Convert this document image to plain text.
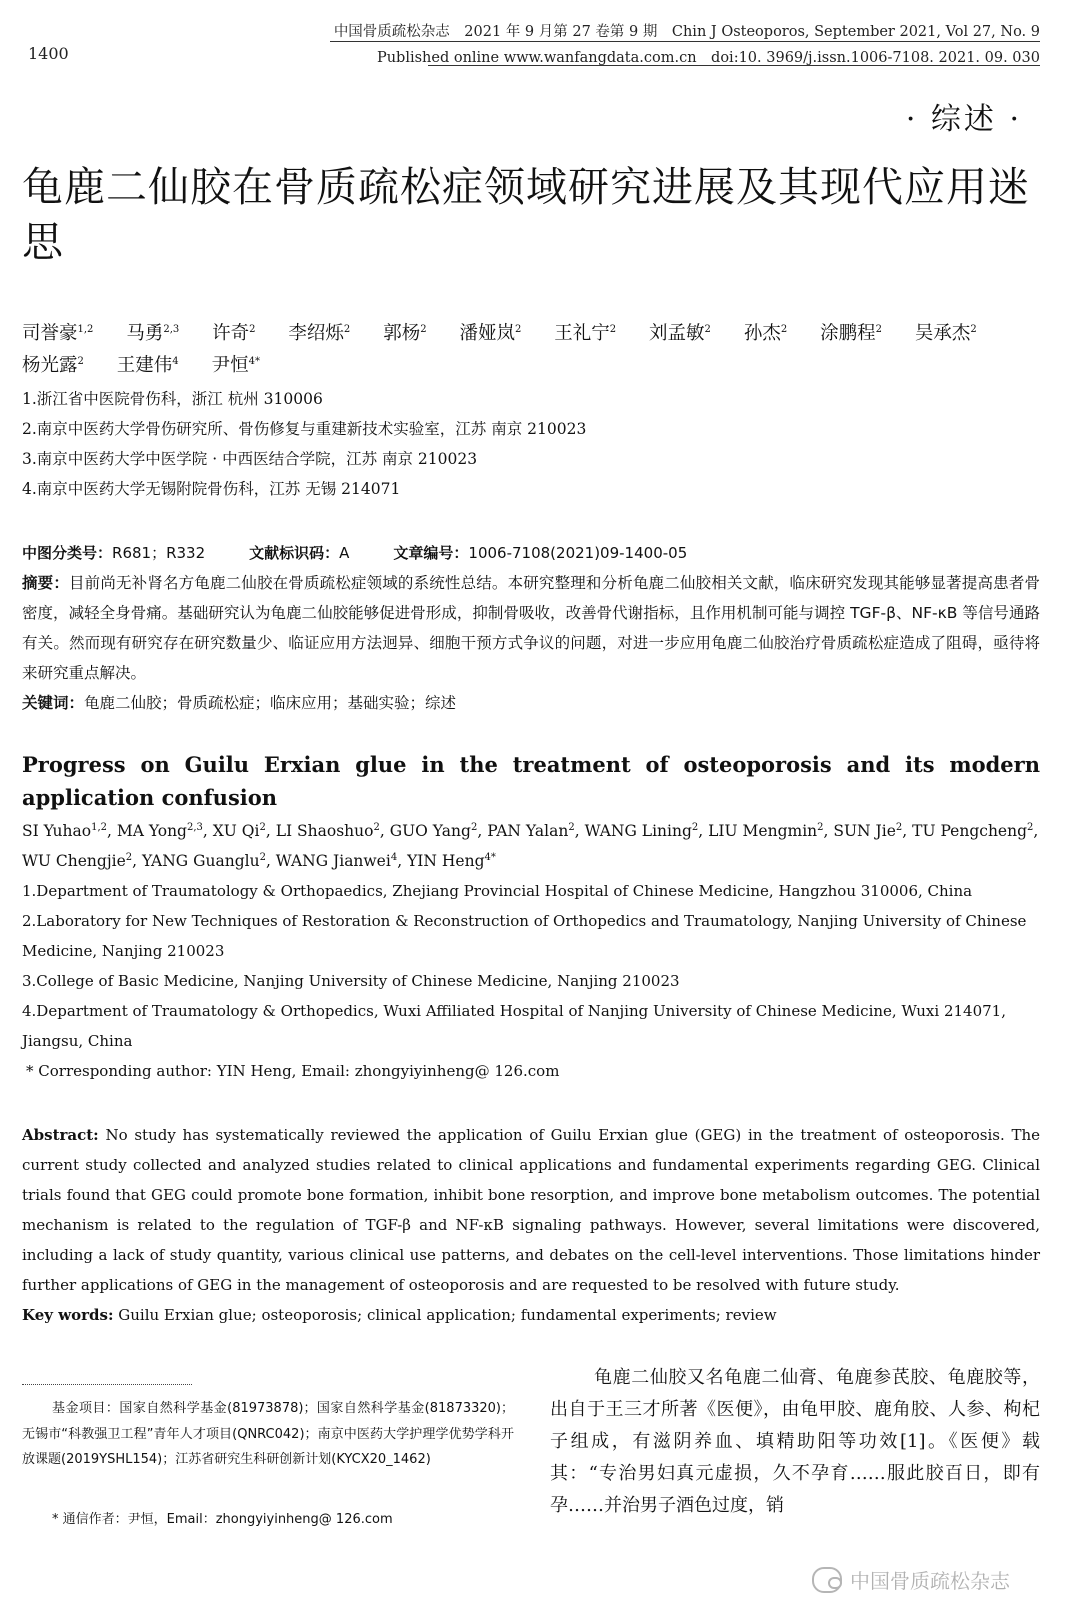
1400
中国骨质疏松杂志　2021 年 9 月第 27 卷第 9 期　Chin J Osteoporos, September 2021, Vol 27, No. 9
Published online www.wanfangdata.com.cn　doi:10. 3969/j.issn.1006-7108. 2021. 09. 030
· 综述 ·
龟鹿二仙胶在骨质疏松症领域研究进展及其现代应用迷思
司誉豪$^{1,2}$ 马勇$^{2,3}$ 许奇$^2$ 李绍烁$^2$ 郭杨$^2$ 潘娅岚$^2$ 王礼宁$^2$ 刘孟敏$^2$ 孙杰$^2$ 涂鹏程$^2$ 吴承杰$^2$ 杨光露$^2$ 王建伟$^4$ 尹恒$^{4*}$
1.浙江省中医院骨伤科，浙江 杭州 310006
2.南京中医药大学骨伤研究所、骨伤修复与重建新技术实验室，江苏 南京 210023
3.南京中医药大学中医学院 · 中西医结合学院，江苏 南京 210023
4.南京中医药大学无锡附院骨伤科，江苏 无锡 214071
中图分类号：R681；R332	文献标识码：A	文章编号：1006-7108(2021)09-1400-05
摘要：目前尚无补肾名方龟鹿二仙胶在骨质疏松症领域的系统性总结。本研究整理和分析龟鹿二仙胶相关文献，临床研究发现其能够显著提高患者骨密度，减轻全身骨痛。基础研究认为龟鹿二仙胶能够促进骨形成，抑制骨吸收，改善骨代谢指标，且作用机制可能与调控 TGF-β、NF-κB 等信号通路有关。然而现有研究存在研究数量少、临证应用方法迥异、细胞干预方式争议的问题，对进一步应用龟鹿二仙胶治疗骨质疏松症造成了阻碍，亟待将来研究重点解决。
关键词：龟鹿二仙胶；骨质疏松症；临床应用；基础实验；综述
Progress on Guilu Erxian glue in the treatment of osteoporosis and its modern application confusion
SI Yuhao$^{1,2}$, MA Yong$^{2,3}$, XU Qi$^2$, LI Shaoshuo$^2$, GUO Yang$^2$, PAN Yalan$^2$, WANG Lining$^2$, LIU Mengmin$^2$, SUN Jie$^2$, TU Pengcheng$^2$, WU Chengjie$^2$, YANG Guanglu$^2$, WANG Jianwei$^4$, YIN Heng$^{4*}$
1.Department of Traumatology & Orthopaedics, Zhejiang Provincial Hospital of Chinese Medicine, Hangzhou 310006, China
2.Laboratory for New Techniques of Restoration & Reconstruction of Orthopedics and Traumatology, Nanjing University of Chinese Medicine, Nanjing 210023
3.College of Basic Medicine, Nanjing University of Chinese Medicine, Nanjing 210023
4.Department of Traumatology & Orthopedics, Wuxi Affiliated Hospital of Nanjing University of Chinese Medicine, Wuxi 214071, Jiangsu, China
* Corresponding author: YIN Heng, Email: zhongyiyinheng@ 126.com
Abstract: No study has systematically reviewed the application of Guilu Erxian glue (GEG) in the treatment of osteoporosis. The current study collected and analyzed studies related to clinical applications and fundamental experiments regarding GEG. Clinical trials found that GEG could promote bone formation, inhibit bone resorption, and improve bone metabolism outcomes. The potential mechanism is related to the regulation of TGF-β and NF-κB signaling pathways. However, several limitations were discovered, including a lack of study quantity, various clinical use patterns, and debates on the cell-level interventions. Those limitations hinder further applications of GEG in the management of osteoporosis and are requested to be resolved with future study.
Key words: Guilu Erxian glue; osteoporosis; clinical application; fundamental experiments; review
基金项目：国家自然科学基金(81973878)；国家自然科学基金(81873320)；无锡市“科教强卫工程”青年人才项目(QNRC042)；南京中医药大学护理学优势学科开放课题(2019YSHL154)；江苏省研究生科研创新计划(KYCX20_1462)
* 通信作者：尹恒，Email：zhongyiyinheng@ 126.com
龟鹿二仙胶又名龟鹿二仙膏、龟鹿参芪胶、龟鹿胶等，出自于王三才所著《医便》，由龟甲胶、鹿角胶、人参、枸杞子组成，有滋阴养血、填精助阳等功效[1]。《医便》载其：“专治男妇真元虚损，久不孕育……服此胶百日，即有孕……并治男子酒色过度，销
中国骨质疏松杂志
